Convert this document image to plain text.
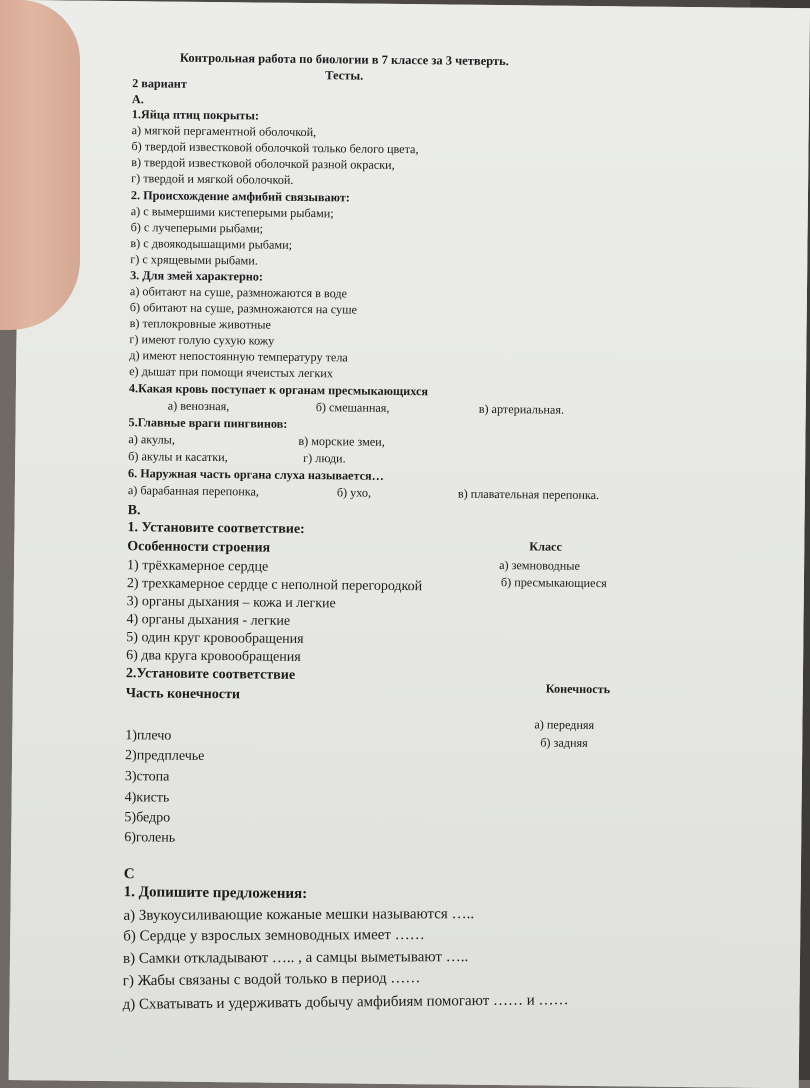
Контрольная работа по биологии в 7 классе за 3 четверть.
Тесты.
2 вариант
А.
1.Яйца птиц покрыты:
а) мягкой пергаментной оболочкой,
б) твердой известковой оболочкой только белого цвета,
в) твердой известковой оболочкой разной окраски,
г) твердой и мягкой оболочкой.
2. Происхождение амфибий связывают:
а) с вымершими кистеперыми рыбами;
б) с лучеперыми рыбами;
в) с двоякодышащими рыбами;
г) с хрящевыми рыбами.
3. Для змей характерно:
а) обитают на суше, размножаются в воде
б) обитают на суше, размножаются на суше
в) теплокровные животные
г) имеют голую сухую кожу
д) имеют непостоянную температуру тела
е) дышат при помощи ячеистых легких
4.Какая кровь поступает к органам пресмыкающихся
а) венозная,	б) смешанная,	в) артериальная.
5.Главные враги пингвинов:
а) акулы,	в) морские змеи,
б) акулы и касатки,	г) люди.
6. Наружная часть органа слуха называется…
а) барабанная перепонка,	б) ухо,	в) плавательная перепонка.
В.
1. Установите соответствие:
Особенности строения	Класс
1) трёхкамерное сердце
2) трехкамерное сердце с неполной перегородкой
3) органы дыхания – кожа и легкие
4) органы дыхания - легкие
5) один круг кровообращения
6) два круга кровообращения
а) земноводные
б) пресмыкающиеся
2.Установите соответствие
Часть конечности	Конечность
а) передняя
б) задняя
1)плечо
2)предплечье
3)стопа
4)кисть
5)бедро
6)голень
С
1. Допишите предложения:
а) Звукоусиливающие кожаные мешки называются …..
б) Сердце у взрослых земноводных имеет ……
в) Самки откладывают ….. , а самцы выметывают …..
г) Жабы связаны с водой только в период ……
д) Схватывать и удерживать добычу амфибиям помогают …… и ……
